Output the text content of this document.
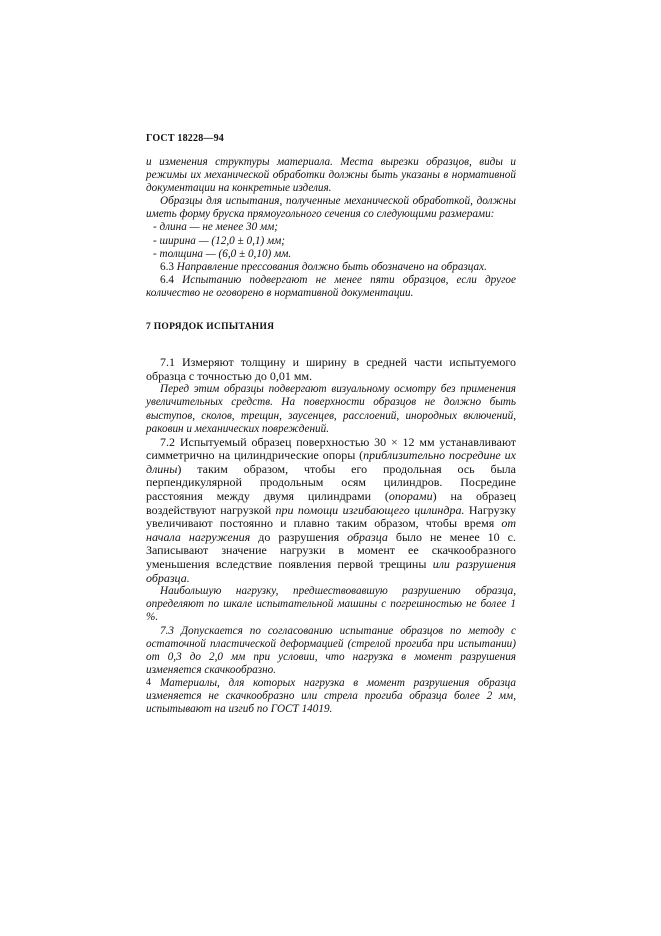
ГОСТ 18228—94

и изменения структуры материала. Места вырезки образцов, виды и режимы их механической обработки должны быть указаны в нормативной документации на конкретные изделия.

Образцы для испытания, полученные механической обработкой, должны иметь форму бруска прямоугольного сечения со следующими размерами:

- длина — не менее 30 мм;

- ширина — (12,0 ± 0,1) мм;

- толщина — (6,0 ± 0,10) мм.

6.3 Направление прессования должно быть обозначено на образцах.

6.4 Испытанию подвергают не менее пяти образцов, если другое количество не оговорено в нормативной документации.

7 ПОРЯДОК ИСПЫТАНИЯ

7.1 Измеряют толщину и ширину в средней части испытуемого образца с точностью до 0,01 мм.

Перед этим образцы подвергают визуальному осмотру без применения увеличительных средств. На поверхности образцов не должно быть выступов, сколов, трещин, заусенцев, расслоений, инородных включений, раковин и механических повреждений.

7.2 Испытуемый образец поверхностью 30 × 12 мм устанавливают симметрично на цилиндрические опоры (приблизительно посредине их длины) таким образом, чтобы его продольная ось была перпендикулярной продольным осям цилиндров. Посредине расстояния между двумя цилиндрами (опорами) на образец воздействуют нагрузкой при помощи изгибающего цилиндра. Нагрузку увеличивают постоянно и плавно таким образом, чтобы время от начала нагружения до разрушения образца было не менее 10 с. Записывают значение нагрузки в момент ее скачкообразного уменьшения вследствие появления первой трещины или разрушения образца.

Наибольшую нагрузку, предшествовавшую разрушению образца, определяют по шкале испытательной машины с погрешностью не более 1 %.

7.3 Допускается по согласованию испытание образцов по методу с остаточной пластической деформацией (стрелой прогиба при испытании) от 0,3 до 2,0 мм при условии, что нагрузка в момент разрушения изменяется скачкообразно.

Материалы, для которых нагрузка в момент разрушения образца изменяется не скачкообразно или стрела прогиба образца более 2 мм, испытывают на изгиб по ГОСТ 14019.

4
